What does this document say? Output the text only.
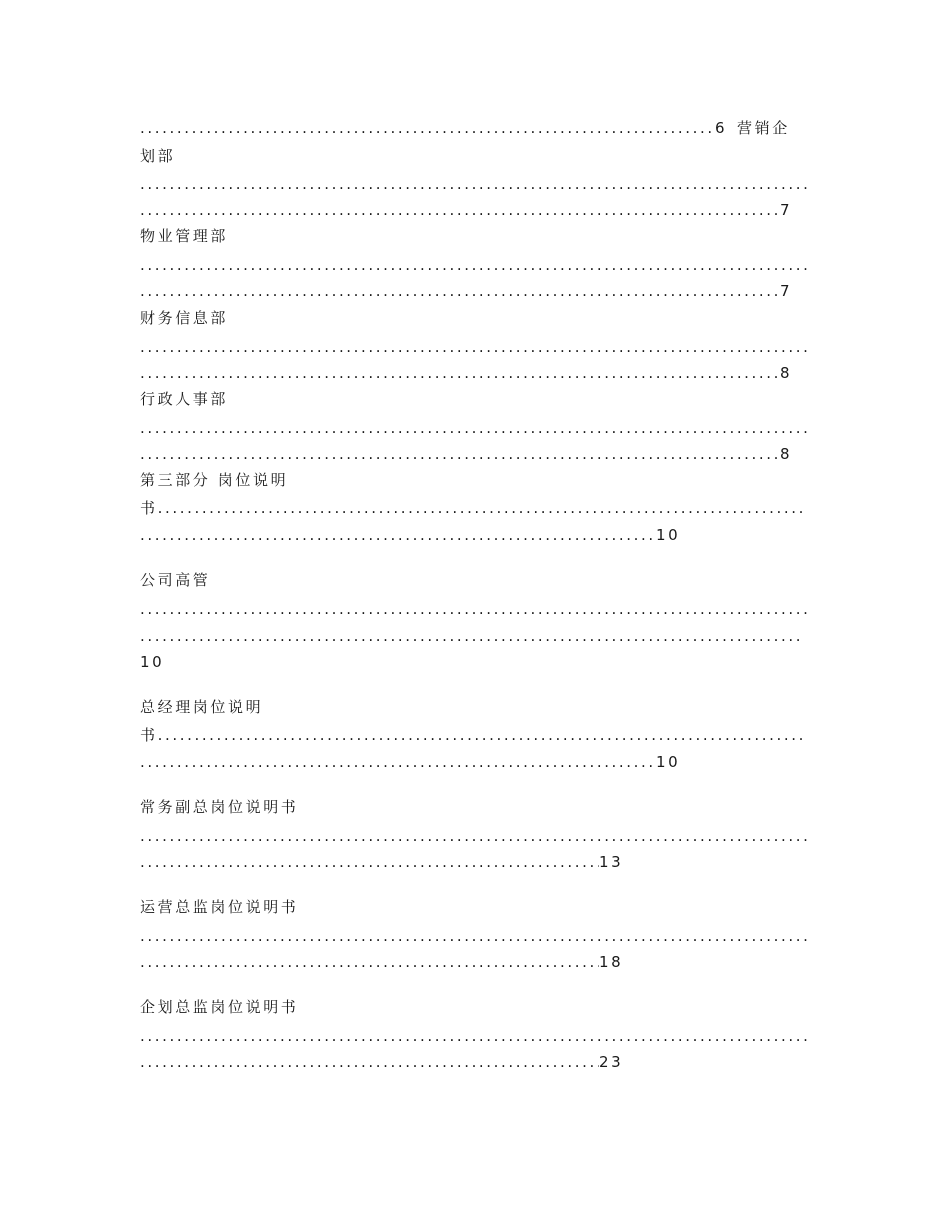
.....6 营销企
划部
.....
.....7
物业管理部
.....
.....7
财务信息部
.....
.....8
行政人事部
.....
.....8
第三部分 岗位说明
书.....
.....10
公司高管
.....
.....
10
总经理岗位说明
书.....
.....10
常务副总岗位说明书
.....
.....13
运营总监岗位说明书
.....
.....18
企划总监岗位说明书
.....
.....23
